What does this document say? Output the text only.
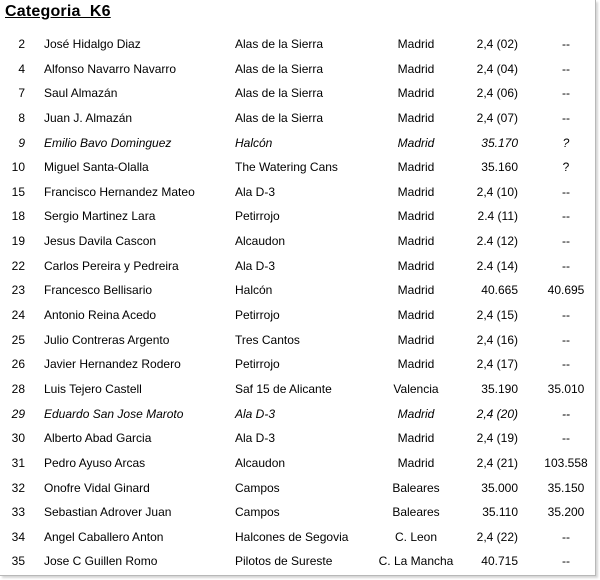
Categoria  K6
2 José Hidalgo Diaz	Alas de la Sierra	Madrid	2,4 (02)	--
4 Alfonso Navarro Navarro	Alas de la Sierra	Madrid	2,4 (04)	--
7 Saul Almazán	Alas de la Sierra	Madrid	2,4 (06)	--
8 Juan J. Almazán	Alas de la Sierra	Madrid	2,4 (07)	--
9 Emilio Bavo Dominguez	Halcón	Madrid	35.170	?
10 Miguel Santa-Olalla	The Watering Cans	Madrid	35.160	?
15 Francisco Hernandez Mateo	Ala D-3	Madrid	2,4 (10)	--
18 Sergio Martinez Lara	Petirrojo	Madrid	2.4 (11)	--
19 Jesus Davila Cascon	Alcaudon	Madrid	2.4 (12)	--
22 Carlos Pereira y Pedreira	Ala D-3	Madrid	2.4 (14)	--
23 Francesco Bellisario	Halcón	Madrid	40.665	40.695
24 Antonio Reina Acedo	Petirrojo	Madrid	2,4 (15)	--
25 Julio Contreras Argento	Tres Cantos	Madrid	2,4 (16)	--
26 Javier Hernandez Rodero	Petirrojo	Madrid	2,4 (17)	--
28 Luis Tejero Castell	Saf 15 de Alicante	Valencia	35.190	35.010
29 Eduardo San Jose Maroto	Ala D-3	Madrid	2,4 (20)	--
30 Alberto Abad Garcia	Ala D-3	Madrid	2,4 (19)	--
31 Pedro Ayuso Arcas	Alcaudon	Madrid	2,4 (21)	103.558
32 Onofre Vidal Ginard	Campos	Baleares	35.000	35.150
33 Sebastian Adrover Juan	Campos	Baleares	35.110	35.200
34 Angel Caballero Anton	Halcones de Segovia	C. Leon	2,4 (22)	--
35 Jose C Guillen Romo	Pilotos de Sureste	C. La Mancha	40.715	--
